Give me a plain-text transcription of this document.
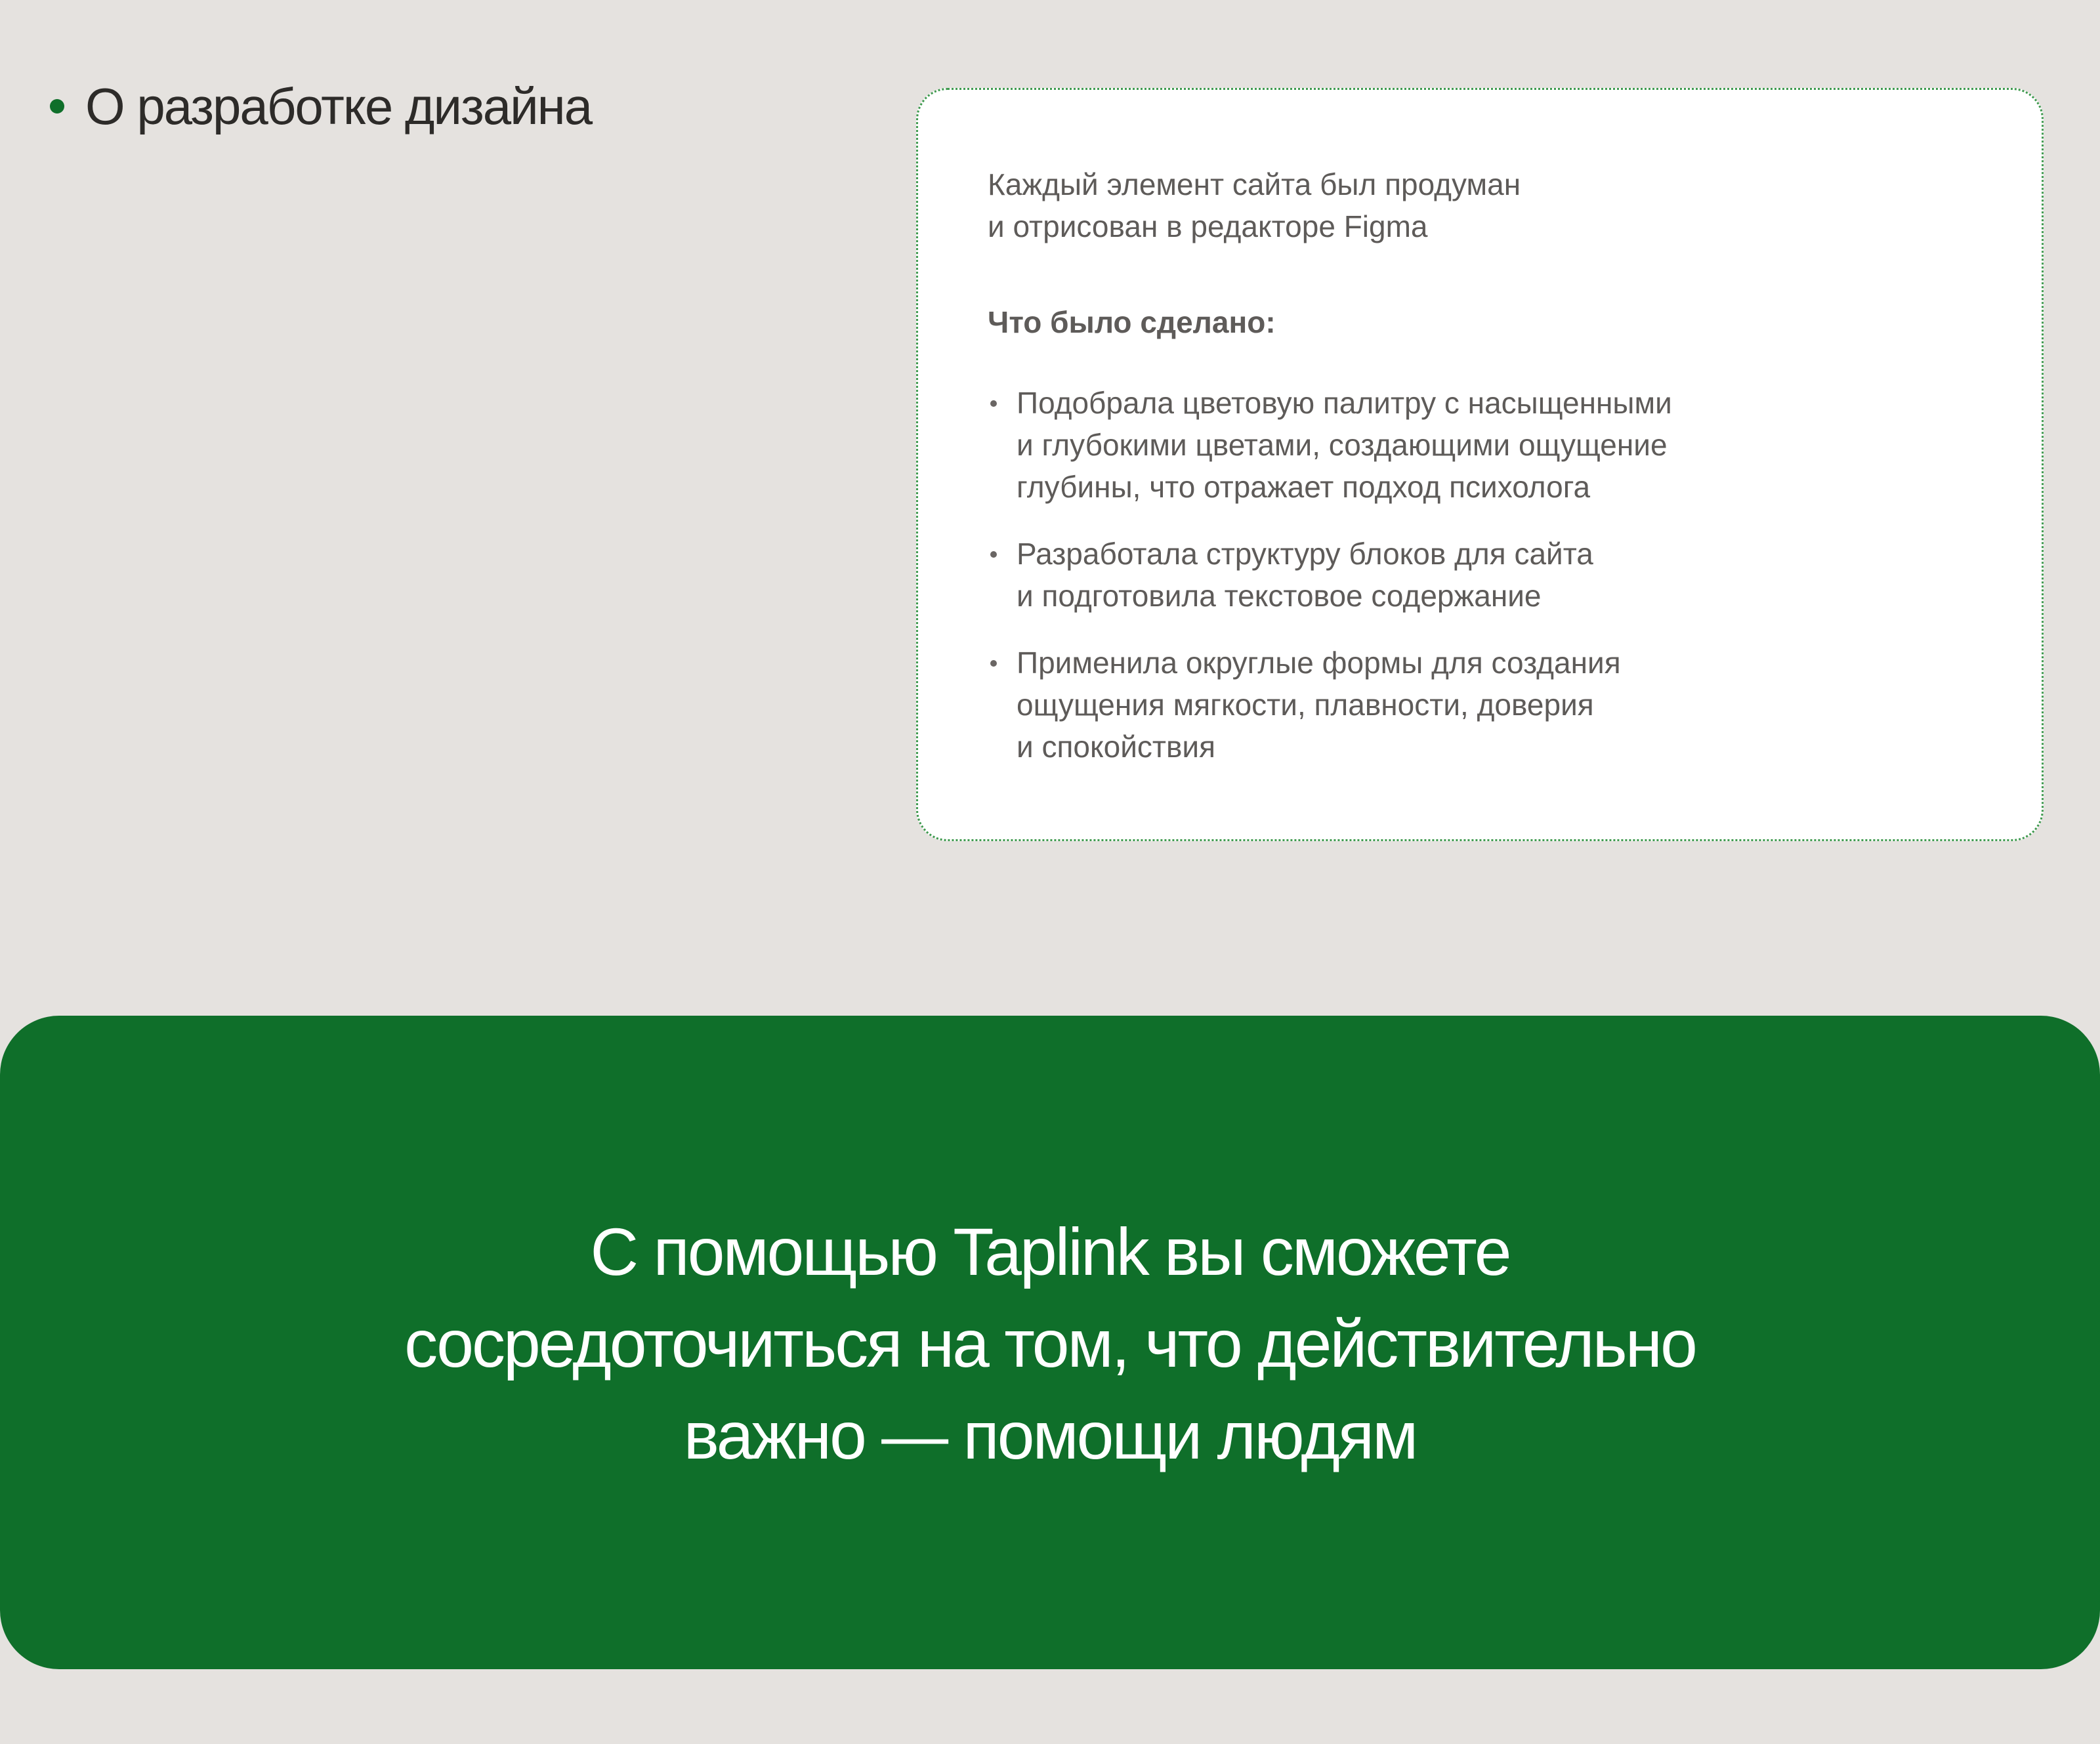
О разработке дизайна

Каждый элемент сайта был продуман
и отрисован в редакторе Figma

Что было сделано:

Подобрала цветовую палитру с насыщенными
и глубокими цветами, создающими ощущение
глубины, что отражает подход психолога
Разработала структуру блоков для сайта
и подготовила текстовое содержание
Применила округлые формы для создания
ощущения мягкости, плавности, доверия
и спокойствия

С помощью Taplink вы сможете
сосредоточиться на том, что действительно
важно — помощи людям
